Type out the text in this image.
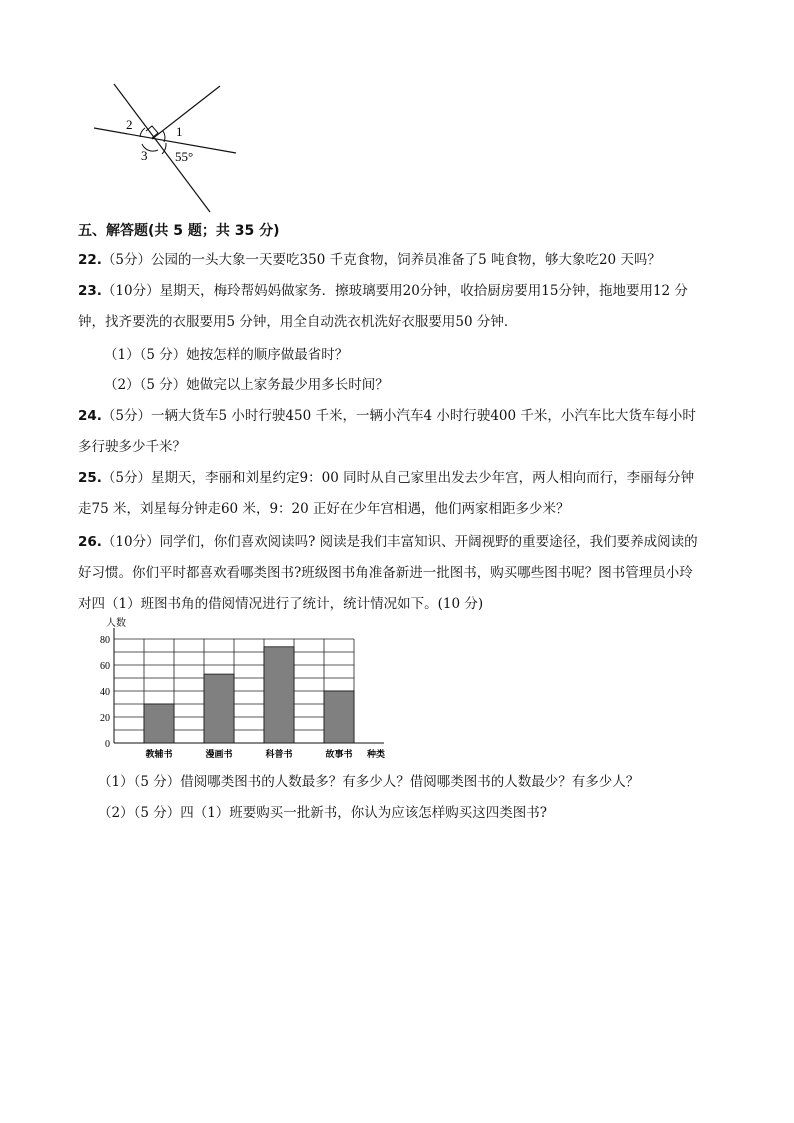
2	1
3 55°
五、解答题(共 5 题；共 35 分)
22.（5分）公园的一头大象一天要吃350 千克食物，饲养员准备了5 吨食物，够大象吃20 天吗？
23.（10分）星期天，梅玲帮妈妈做家务．擦玻璃要用20分钟，收拾厨房要用15分钟，拖地要用12 分
钟，找齐要洗的衣服要用5 分钟，用全自动洗衣机洗好衣服要用50 分钟．
（1）（5 分）她按怎样的顺序做最省时？
（2）（5 分）她做完以上家务最少用多长时间？
24.（5分）一辆大货车5 小时行驶450 千米，一辆小汽车4 小时行驶400 千米，小汽车比大货车每小时
多行驶多少千米？
25.（5分）星期天，李丽和刘星约定9：00 同时从自己家里出发去少年宫，两人相向而行，李丽每分钟
走75 米，刘星每分钟走60 米，9：20 正好在少年宫相遇，他们两家相距多少米？
26.（10分）同学们，你们喜欢阅读吗? 阅读是我们丰富知识、开阔视野的重要途径，我们要养成阅读的
好习惯。你们平时都喜欢看哪类图书?班级图书角准备新进一批图书，购买哪些图书呢？图书管理员小玲
对四（1）班图书角的借阅情况进行了统计，统计情况如下。(10 分)
0
20
40
60
80
人数
教辅书	漫画书	科普书	故事书 种类
（1）（5 分）借阅哪类图书的人数最多？有多少人？借阅哪类图书的人数最少？有多少人？
（2）（5 分）四（1）班要购买一批新书，你认为应该怎样购买这四类图书?
